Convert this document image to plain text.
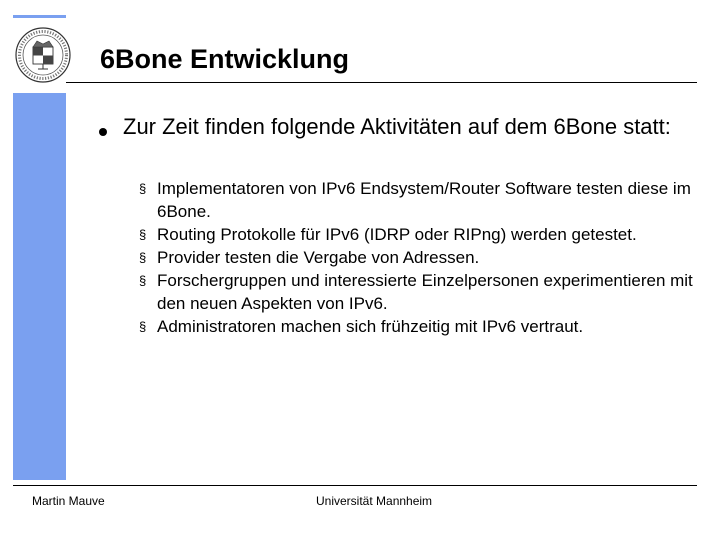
6Bone Entwicklung
Zur Zeit finden folgende Aktivitäten auf dem 6Bone statt:
§ Implementatoren von IPv6 Endsystem/Router Software testen diese im 6Bone.
§ Routing Protokolle für IPv6 (IDRP oder RIPng) werden getestet.
§ Provider testen die Vergabe von Adressen.
§ Forschergruppen und interessierte Einzelpersonen experimentieren mit den neuen Aspekten von IPv6.
§ Administratoren machen sich frühzeitig mit IPv6 vertraut.
Martin Mauve	Universität Mannheim
